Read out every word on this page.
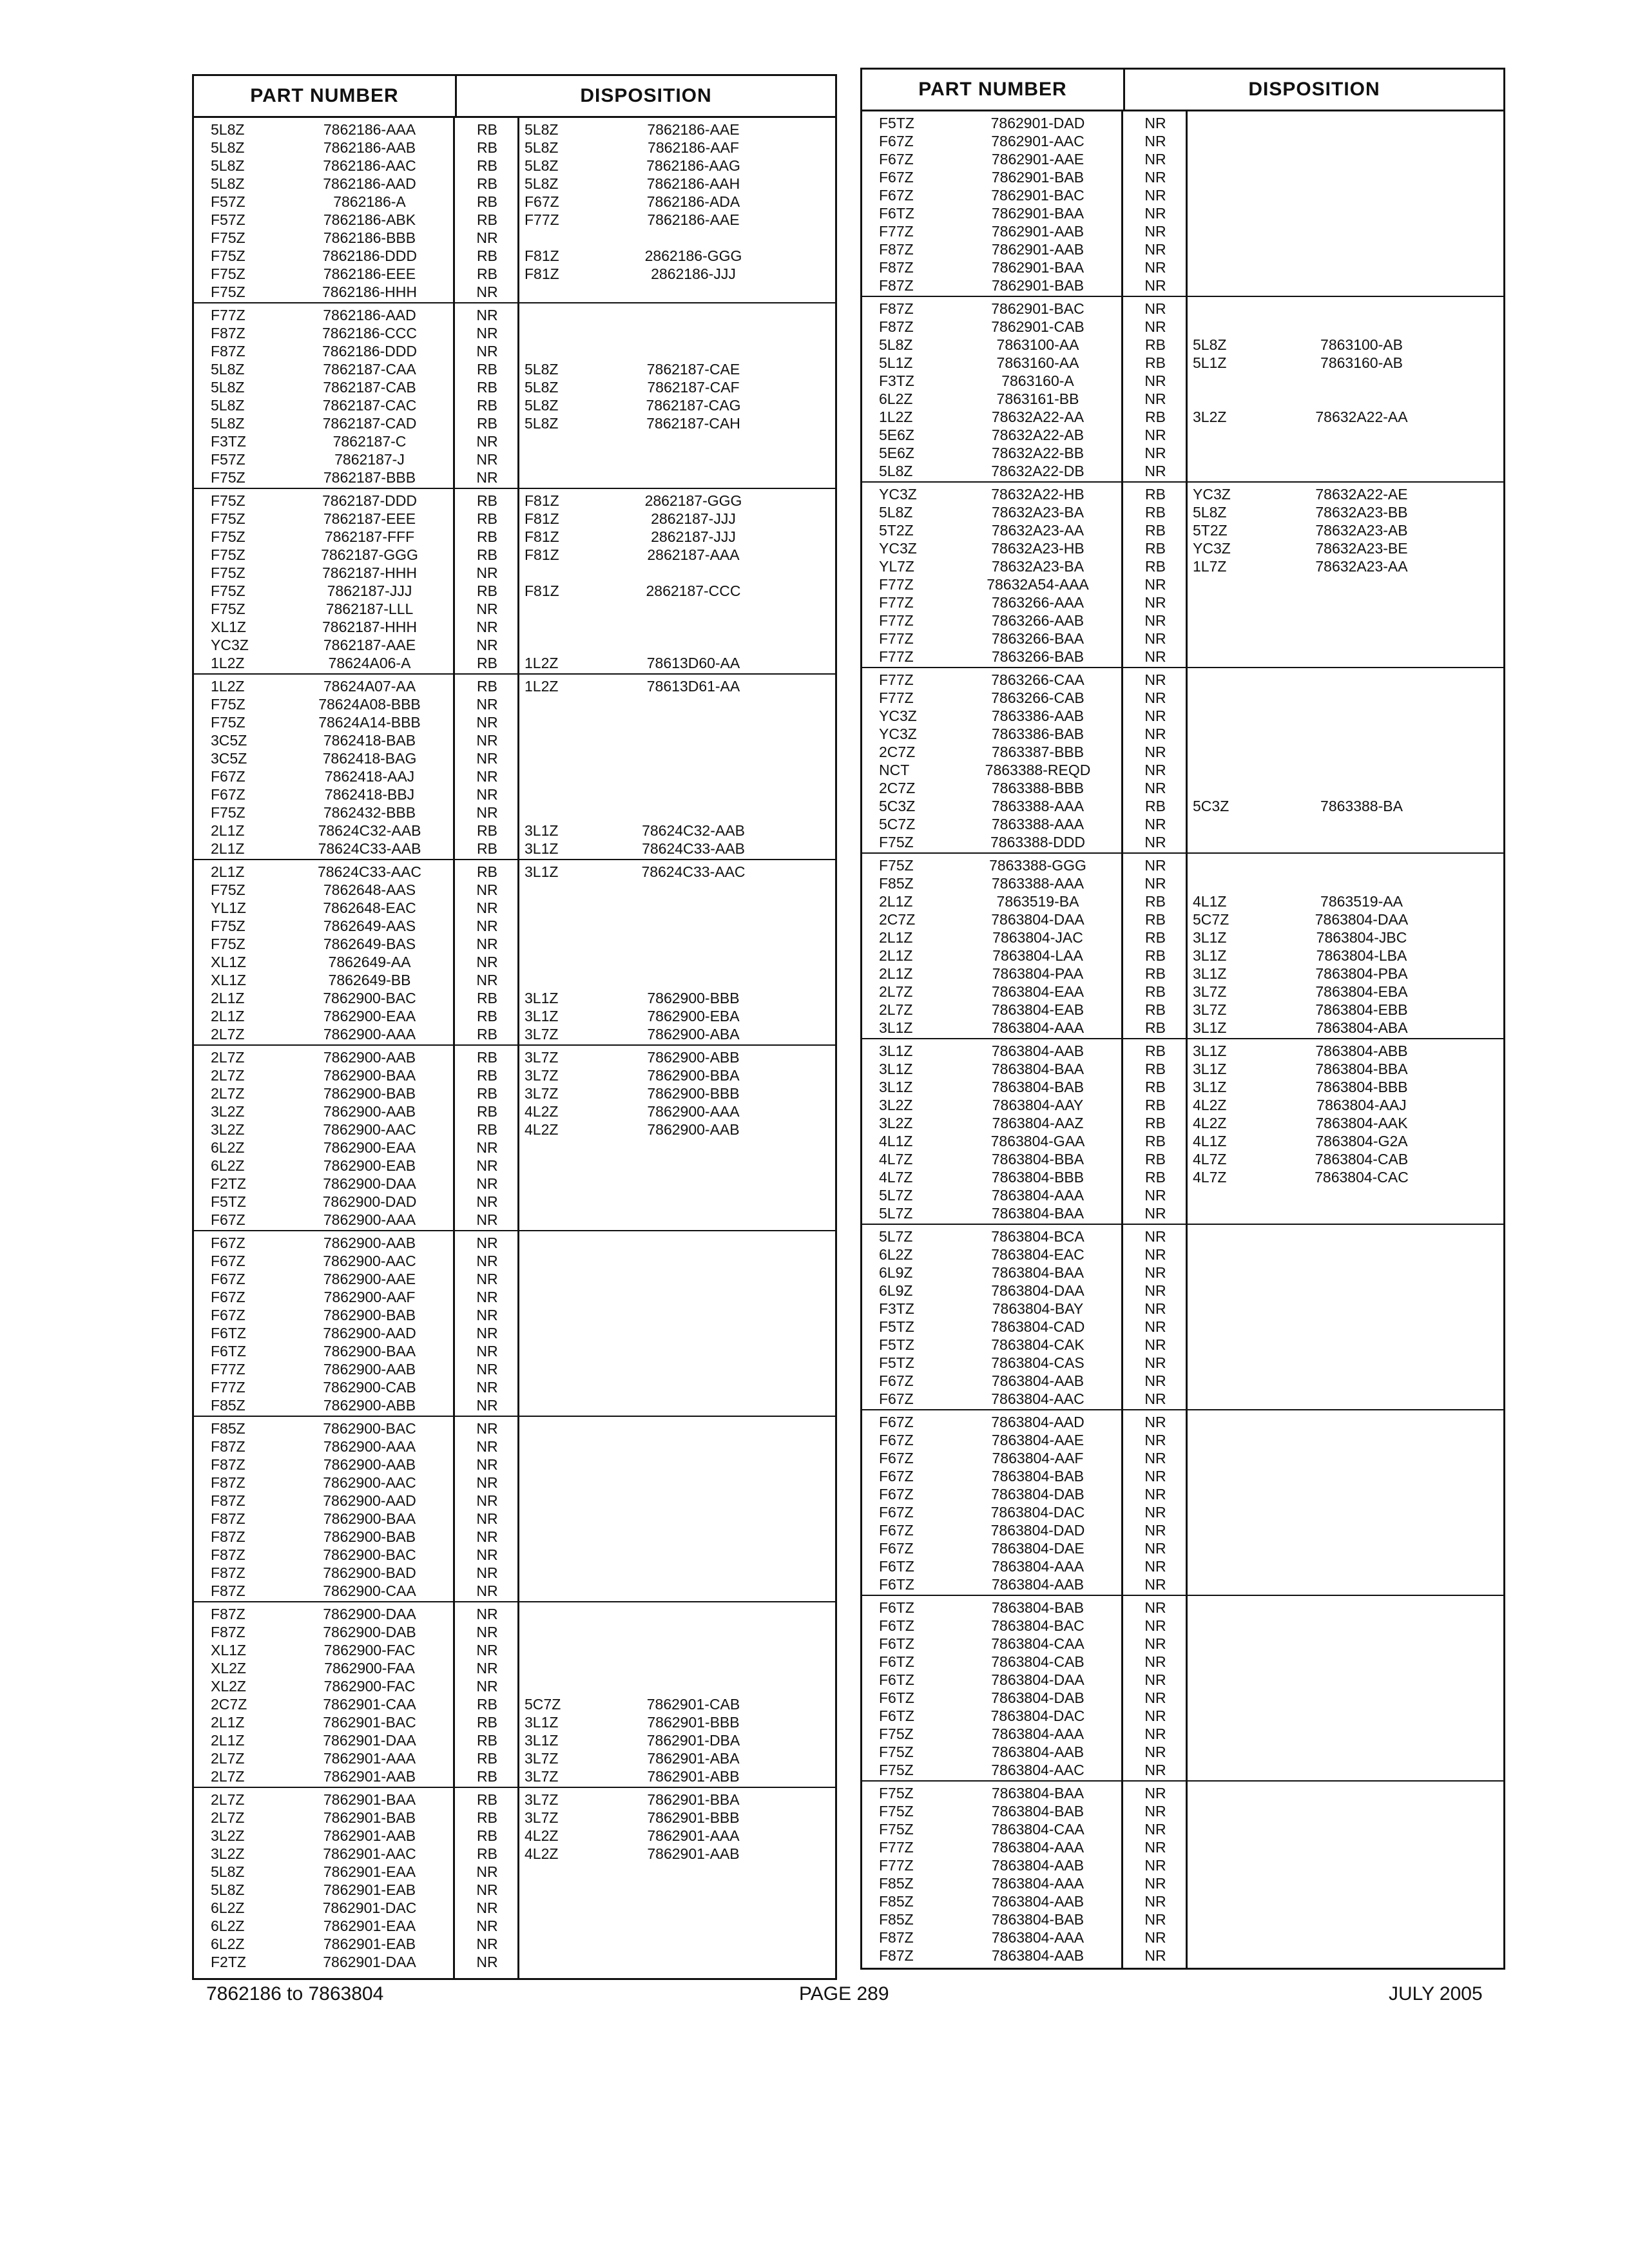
PART NUMBER	DISPOSITION
5L8Z	7862186-AAA	RB	5L8Z	7862186-AAE
5L8Z	7862186-AAB	RB	5L8Z	7862186-AAF
5L8Z	7862186-AAC	RB	5L8Z	7862186-AAG
5L8Z	7862186-AAD	RB	5L8Z	7862186-AAH
F57Z	7862186-A	RB	F67Z	7862186-ADA
F57Z	7862186-ABK	RB	F77Z	7862186-AAE
F75Z	7862186-BBB	NR
F75Z	7862186-DDD	RB	F81Z	2862186-GGG
F75Z	7862186-EEE	RB	F81Z	2862186-JJJ
F75Z	7862186-HHH	NR
F77Z	7862186-AAD	NR
F87Z	7862186-CCC	NR
F87Z	7862186-DDD	NR
5L8Z	7862187-CAA	RB	5L8Z	7862187-CAE
5L8Z	7862187-CAB	RB	5L8Z	7862187-CAF
5L8Z	7862187-CAC	RB	5L8Z	7862187-CAG
5L8Z	7862187-CAD	RB	5L8Z	7862187-CAH
F3TZ	7862187-C	NR
F57Z	7862187-J	NR
F75Z	7862187-BBB	NR
F75Z	7862187-DDD	RB	F81Z	2862187-GGG
F75Z	7862187-EEE	RB	F81Z	2862187-JJJ
F75Z	7862187-FFF	RB	F81Z	2862187-JJJ
F75Z	7862187-GGG	RB	F81Z	2862187-AAA
F75Z	7862187-HHH	NR
F75Z	7862187-JJJ	RB	F81Z	2862187-CCC
F75Z	7862187-LLL	NR
XL1Z	7862187-HHH	NR
YC3Z	7862187-AAE	NR
1L2Z	78624A06-A	RB	1L2Z	78613D60-AA
1L2Z	78624A07-AA	RB	1L2Z	78613D61-AA
F75Z	78624A08-BBB	NR
F75Z	78624A14-BBB	NR
3C5Z	7862418-BAB	NR
3C5Z	7862418-BAG	NR
F67Z	7862418-AAJ	NR
F67Z	7862418-BBJ	NR
F75Z	7862432-BBB	NR
2L1Z	78624C32-AAB	RB	3L1Z	78624C32-AAB
2L1Z	78624C33-AAB	RB	3L1Z	78624C33-AAB
2L1Z	78624C33-AAC	RB	3L1Z	78624C33-AAC
F75Z	7862648-AAS	NR
YL1Z	7862648-EAC	NR
F75Z	7862649-AAS	NR
F75Z	7862649-BAS	NR
XL1Z	7862649-AA	NR
XL1Z	7862649-BB	NR
2L1Z	7862900-BAC	RB	3L1Z	7862900-BBB
2L1Z	7862900-EAA	RB	3L1Z	7862900-EBA
2L7Z	7862900-AAA	RB	3L7Z	7862900-ABA
2L7Z	7862900-AAB	RB	3L7Z	7862900-ABB
2L7Z	7862900-BAA	RB	3L7Z	7862900-BBA
2L7Z	7862900-BAB	RB	3L7Z	7862900-BBB
3L2Z	7862900-AAB	RB	4L2Z	7862900-AAA
3L2Z	7862900-AAC	RB	4L2Z	7862900-AAB
6L2Z	7862900-EAA	NR
6L2Z	7862900-EAB	NR
F2TZ	7862900-DAA	NR
F5TZ	7862900-DAD	NR
F67Z	7862900-AAA	NR
F67Z	7862900-AAB	NR
F67Z	7862900-AAC	NR
F67Z	7862900-AAE	NR
F67Z	7862900-AAF	NR
F67Z	7862900-BAB	NR
F6TZ	7862900-AAD	NR
F6TZ	7862900-BAA	NR
F77Z	7862900-AAB	NR
F77Z	7862900-CAB	NR
F85Z	7862900-ABB	NR
F85Z	7862900-BAC	NR
F87Z	7862900-AAA	NR
F87Z	7862900-AAB	NR
F87Z	7862900-AAC	NR
F87Z	7862900-AAD	NR
F87Z	7862900-BAA	NR
F87Z	7862900-BAB	NR
F87Z	7862900-BAC	NR
F87Z	7862900-BAD	NR
F87Z	7862900-CAA	NR
F87Z	7862900-DAA	NR
F87Z	7862900-DAB	NR
XL1Z	7862900-FAC	NR
XL2Z	7862900-FAA	NR
XL2Z	7862900-FAC	NR
2C7Z	7862901-CAA	RB	5C7Z	7862901-CAB
2L1Z	7862901-BAC	RB	3L1Z	7862901-BBB
2L1Z	7862901-DAA	RB	3L1Z	7862901-DBA
2L7Z	7862901-AAA	RB	3L7Z	7862901-ABA
2L7Z	7862901-AAB	RB	3L7Z	7862901-ABB
2L7Z	7862901-BAA	RB	3L7Z	7862901-BBA
2L7Z	7862901-BAB	RB	3L7Z	7862901-BBB
3L2Z	7862901-AAB	RB	4L2Z	7862901-AAA
3L2Z	7862901-AAC	RB	4L2Z	7862901-AAB
5L8Z	7862901-EAA	NR
5L8Z	7862901-EAB	NR
6L2Z	7862901-DAC	NR
6L2Z	7862901-EAA	NR
6L2Z	7862901-EAB	NR
F2TZ	7862901-DAA	NR
PART NUMBER	DISPOSITION
F5TZ	7862901-DAD	NR
F67Z	7862901-AAC	NR
F67Z	7862901-AAE	NR
F67Z	7862901-BAB	NR
F67Z	7862901-BAC	NR
F6TZ	7862901-BAA	NR
F77Z	7862901-AAB	NR
F87Z	7862901-AAB	NR
F87Z	7862901-BAA	NR
F87Z	7862901-BAB	NR
F87Z	7862901-BAC	NR
F87Z	7862901-CAB	NR
5L8Z	7863100-AA	RB	5L8Z	7863100-AB
5L1Z	7863160-AA	RB	5L1Z	7863160-AB
F3TZ	7863160-A	NR
6L2Z	7863161-BB	NR
1L2Z	78632A22-AA	RB	3L2Z	78632A22-AA
5E6Z	78632A22-AB	NR
5E6Z	78632A22-BB	NR
5L8Z	78632A22-DB	NR
YC3Z	78632A22-HB	RB	YC3Z	78632A22-AE
5L8Z	78632A23-BA	RB	5L8Z	78632A23-BB
5T2Z	78632A23-AA	RB	5T2Z	78632A23-AB
YC3Z	78632A23-HB	RB	YC3Z	78632A23-BE
YL7Z	78632A23-BA	RB	1L7Z	78632A23-AA
F77Z	78632A54-AAA	NR
F77Z	7863266-AAA	NR
F77Z	7863266-AAB	NR
F77Z	7863266-BAA	NR
F77Z	7863266-BAB	NR
F77Z	7863266-CAA	NR
F77Z	7863266-CAB	NR
YC3Z	7863386-AAB	NR
YC3Z	7863386-BAB	NR
2C7Z	7863387-BBB	NR
NCT	7863388-REQD	NR
2C7Z	7863388-BBB	NR
5C3Z	7863388-AAA	RB	5C3Z	7863388-BA
5C7Z	7863388-AAA	NR
F75Z	7863388-DDD	NR
F75Z	7863388-GGG	NR
F85Z	7863388-AAA	NR
2L1Z	7863519-BA	RB	4L1Z	7863519-AA
2C7Z	7863804-DAA	RB	5C7Z	7863804-DAA
2L1Z	7863804-JAC	RB	3L1Z	7863804-JBC
2L1Z	7863804-LAA	RB	3L1Z	7863804-LBA
2L1Z	7863804-PAA	RB	3L1Z	7863804-PBA
2L7Z	7863804-EAA	RB	3L7Z	7863804-EBA
2L7Z	7863804-EAB	RB	3L7Z	7863804-EBB
3L1Z	7863804-AAA	RB	3L1Z	7863804-ABA
3L1Z	7863804-AAB	RB	3L1Z	7863804-ABB
3L1Z	7863804-BAA	RB	3L1Z	7863804-BBA
3L1Z	7863804-BAB	RB	3L1Z	7863804-BBB
3L2Z	7863804-AAY	RB	4L2Z	7863804-AAJ
3L2Z	7863804-AAZ	RB	4L2Z	7863804-AAK
4L1Z	7863804-GAA	RB	4L1Z	7863804-G2A
4L7Z	7863804-BBA	RB	4L7Z	7863804-CAB
4L7Z	7863804-BBB	RB	4L7Z	7863804-CAC
5L7Z	7863804-AAA	NR
5L7Z	7863804-BAA	NR
5L7Z	7863804-BCA	NR
6L2Z	7863804-EAC	NR
6L9Z	7863804-BAA	NR
6L9Z	7863804-DAA	NR
F3TZ	7863804-BAY	NR
F5TZ	7863804-CAD	NR
F5TZ	7863804-CAK	NR
F5TZ	7863804-CAS	NR
F67Z	7863804-AAB	NR
F67Z	7863804-AAC	NR
F67Z	7863804-AAD	NR
F67Z	7863804-AAE	NR
F67Z	7863804-AAF	NR
F67Z	7863804-BAB	NR
F67Z	7863804-DAB	NR
F67Z	7863804-DAC	NR
F67Z	7863804-DAD	NR
F67Z	7863804-DAE	NR
F6TZ	7863804-AAA	NR
F6TZ	7863804-AAB	NR
F6TZ	7863804-BAB	NR
F6TZ	7863804-BAC	NR
F6TZ	7863804-CAA	NR
F6TZ	7863804-CAB	NR
F6TZ	7863804-DAA	NR
F6TZ	7863804-DAB	NR
F6TZ	7863804-DAC	NR
F75Z	7863804-AAA	NR
F75Z	7863804-AAB	NR
F75Z	7863804-AAC	NR
F75Z	7863804-BAA	NR
F75Z	7863804-BAB	NR
F75Z	7863804-CAA	NR
F77Z	7863804-AAA	NR
F77Z	7863804-AAB	NR
F85Z	7863804-AAA	NR
F85Z	7863804-AAB	NR
F85Z	7863804-BAB	NR
F87Z	7863804-AAA	NR
F87Z	7863804-AAB	NR
7862186 to 7863804	PAGE 289	JULY 2005
